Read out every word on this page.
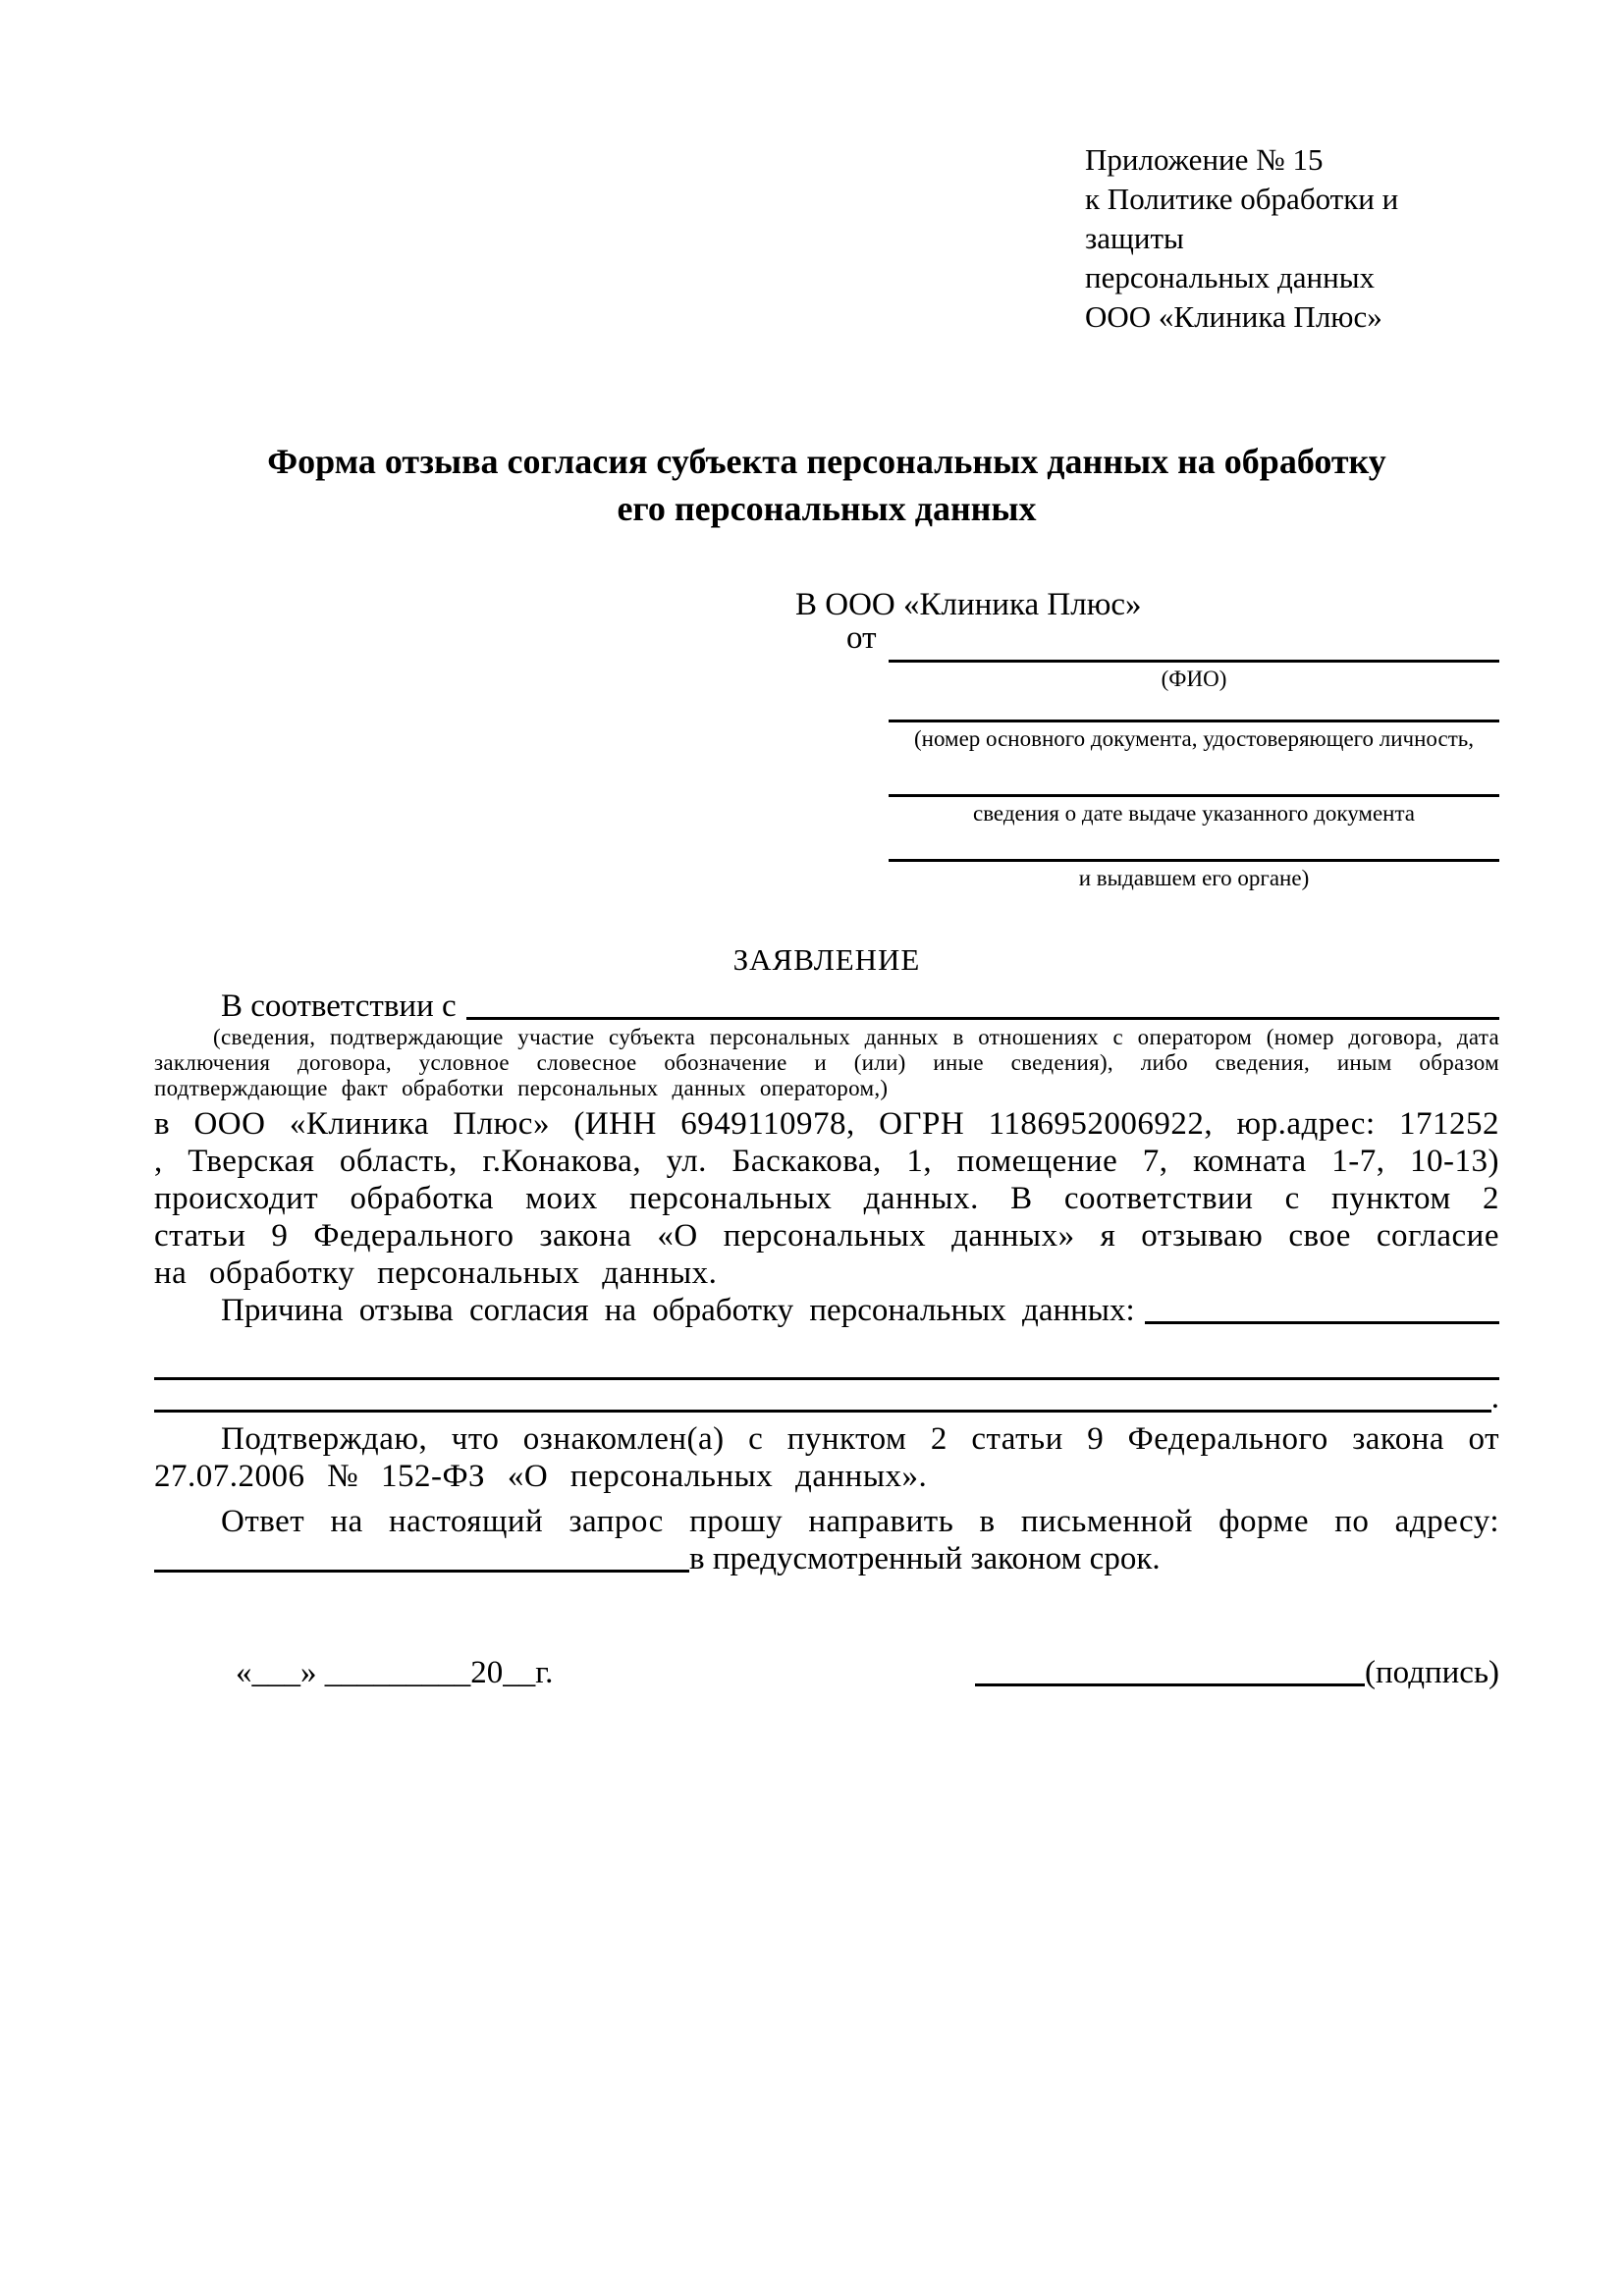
Приложение № 15
к Политике обработки и защиты
персональных данных
ООО «Клиника Плюс»
Форма отзыва согласия субъекта персональных данных на обработку
его персональных данных
В ООО «Клиника Плюс»
от
(ФИО)
(номер основного документа, удостоверяющего личность,
сведения о дате выдаче указанного документа
и выдавшем его органе)
ЗАЯВЛЕНИЕ
В соответствии с
(сведения, подтверждающие участие субъекта персональных данных в отношениях с оператором (номер договора, дата заключения договора, условное словесное обозначение и (или) иные сведения), либо сведения, иным образом подтверждающие факт обработки персональных данных оператором,)
в ООО «Клиника Плюс» (ИНН 6949110978, ОГРН 1186952006922, юр.адрес: 171252 , Тверская область, г.Конакова, ул. Баскакова, 1, помещение 7, комната 1-7, 10-13) происходит обработка моих персональных данных. В соответствии с пунктом 2 статьи 9 Федерального закона «О персональных данных» я отзываю свое согласие на обработку персональных данных.
Причина отзыва согласия на обработку персональных данных:
.
Подтверждаю, что ознакомлен(а) с пунктом 2 статьи 9 Федерального закона от 27.07.2006 № 152-ФЗ «О персональных данных».
Ответ на настоящий запрос прошу направить в письменной форме по адресу:
в предусмотренный законом срок.
«___» _________20__г.	(подпись)
